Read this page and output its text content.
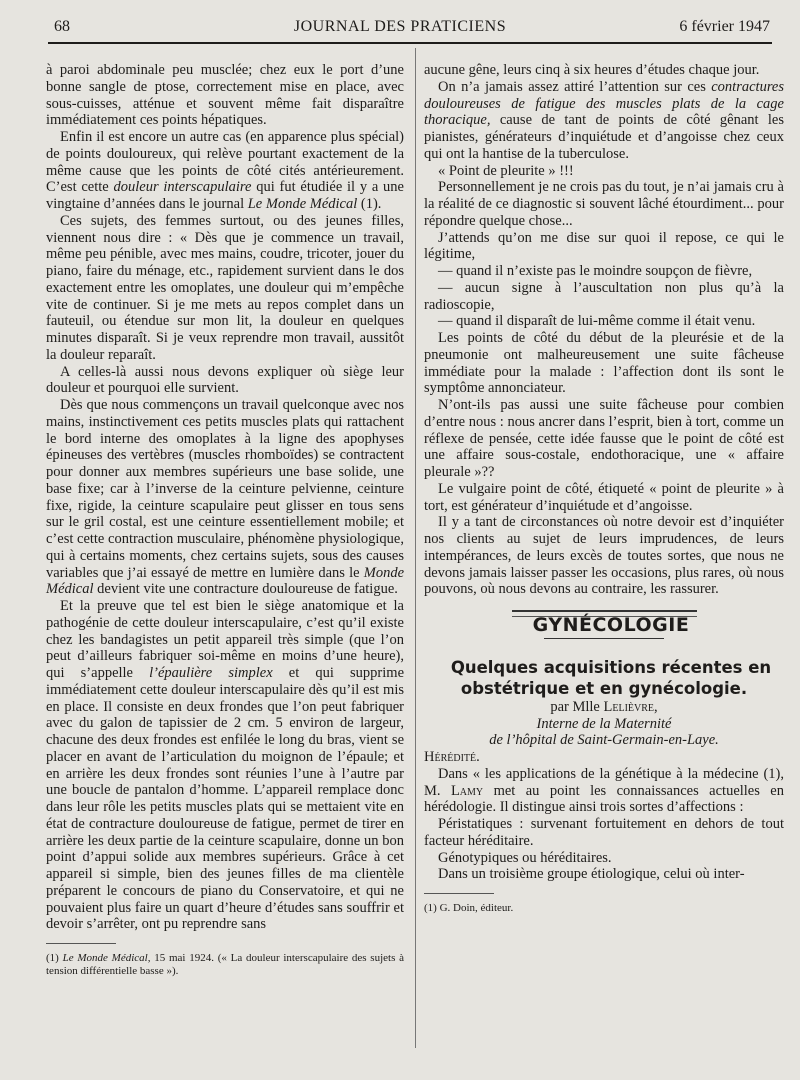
68	JOURNAL DES PRATICIENS	6 février 1947

à paroi abdominale peu musclée; chez eux le port d’une bonne sangle de ptose, correctement mise en place, avec sous-cuisses, atténue et souvent même fait disparaître immédiatement ces points hépatiques.

Enfin il est encore un autre cas (en apparence plus spécial) de points douloureux, qui relève pourtant exactement de la même cause que les points de côté cités antérieurement. C’est cette douleur interscapulaire qui fut étudiée il y a une vingtaine d’années dans le journal Le Monde Médical (1).

Ces sujets, des femmes surtout, ou des jeunes filles, viennent nous dire : « Dès que je commence un travail, même peu pénible, avec mes mains, coudre, tricoter, jouer du piano, faire du ménage, etc., rapidement survient dans le dos exactement entre les omoplates, une douleur qui m’empêche vite de continuer. Si je me mets au repos complet dans un fauteuil, ou étendue sur mon lit, la douleur en quelques minutes disparaît. Si je veux reprendre mon travail, aussitôt la douleur reparaît.

A celles-là aussi nous devons expliquer où siège leur douleur et pourquoi elle survient.

Dès que nous commençons un travail quelconque avec nos mains, instinctivement ces petits muscles plats qui rattachent le bord interne des omoplates à la ligne des apophyses épineuses des vertèbres (muscles rhomboïdes) se contractent pour donner aux membres supérieurs une base solide, une base fixe; car à l’inverse de la ceinture pelvienne, ceinture fixe, rigide, la ceinture scapulaire peut glisser en tous sens sur le gril costal, est une ceinture essentiellement mobile; et c’est cette contraction musculaire, phénomène physiologique, qui à certains moments, chez certains sujets, sous des causes variables que j’ai essayé de mettre en lumière dans le Monde Médical devient vite une contracture douloureuse de fatigue.

Et la preuve que tel est bien le siège anatomique et la pathogénie de cette douleur interscapulaire, c’est qu’il existe chez les bandagistes un petit appareil très simple (que l’on peut d’ailleurs fabriquer soi-même en moins d’une heure), qui s’appelle l’épaulière simplex et qui supprime immédiatement cette douleur interscapulaire dès qu’il est mis en place. Il consiste en deux frondes que l’on peut fabriquer avec du galon de tapissier de 2 cm. 5 environ de largeur, chacune des deux frondes est enfilée le long du bras, vient se placer en avant de l’articulation du moignon de l’épaule; et en arrière les deux frondes sont réunies l’une à l’autre par une boucle de pantalon d’homme. L’appareil remplace donc dans leur rôle les petits muscles plats qui se mettaient vite en état de contracture douloureuse de fatigue, permet de tirer en arrière les deux partie de la ceinture scapulaire, donne un bon point d’appui solide aux membres supérieurs. Grâce à cet appareil si simple, bien des jeunes filles de ma clientèle préparent le concours de piano du Conservatoire, et qui ne pouvaient plus faire un quart d’heure d’études sans souffrir et devoir s’arrêter, ont pu reprendre sans

(1) Le Monde Médical, 15 mai 1924. (« La douleur interscapulaire des sujets à tension différentielle basse »).

aucune gêne, leurs cinq à six heures d’études chaque jour.

On n’a jamais assez attiré l’attention sur ces contractures douloureuses de fatigue des muscles plats de la cage thoracique, cause de tant de points de côté gênant les pianistes, générateurs d’inquiétude et d’angoisse chez ceux qui ont la hantise de la tuberculose.

« Point de pleurite » !!!

Personnellement je ne crois pas du tout, je n’ai jamais cru à la réalité de ce diagnostic si souvent lâché étourdiment... pour répondre quelque chose...

J’attends qu’on me dise sur quoi il repose, ce qui le légitime,

— quand il n’existe pas le moindre soupçon de fièvre,

— aucun signe à l’auscultation non plus qu’à la radioscopie,

— quand il disparaît de lui-même comme il était venu.

Les points de côté du début de la pleurésie et de la pneumonie ont malheureusement une suite fâcheuse immédiate pour la malade : l’affection dont ils sont le symptôme annonciateur.

N’ont-ils pas aussi une suite fâcheuse pour combien d’entre nous : nous ancrer dans l’esprit, bien à tort, comme un réflexe de pensée, cette idée fausse que le point de côté est une affaire sous-costale, endothoracique, une « affaire pleurale »??

Le vulgaire point de côté, étiqueté « point de pleurite » à tort, est générateur d’inquiétude et d’angoisse.

Il y a tant de circonstances où notre devoir est d’inquiéter nos clients au sujet de leurs imprudences, de leurs intempérances, de leurs excès de toutes sortes, que nous ne devons jamais laisser passer les occasions, plus rares, où nous pouvons, où nous devons au contraire, les rassurer.

GYNÉCOLOGIE

Quelques acquisitions récentes en
obstétrique et en gynécologie.

par Mlle Lelièvre,

Interne de la Maternité

de l’hôpital de Saint-Germain-en-Laye.

Hérédité.

Dans « les applications de la génétique à la médecine (1), M. Lamy met au point les connaissances actuelles en hérédologie. Il distingue ainsi trois sortes d’affections :

Péristatiques : survenant fortuitement en dehors de tout facteur héréditaire.

Génotypiques ou héréditaires.

Dans un troisième groupe étiologique, celui où inter-

(1) G. Doin, éditeur.
